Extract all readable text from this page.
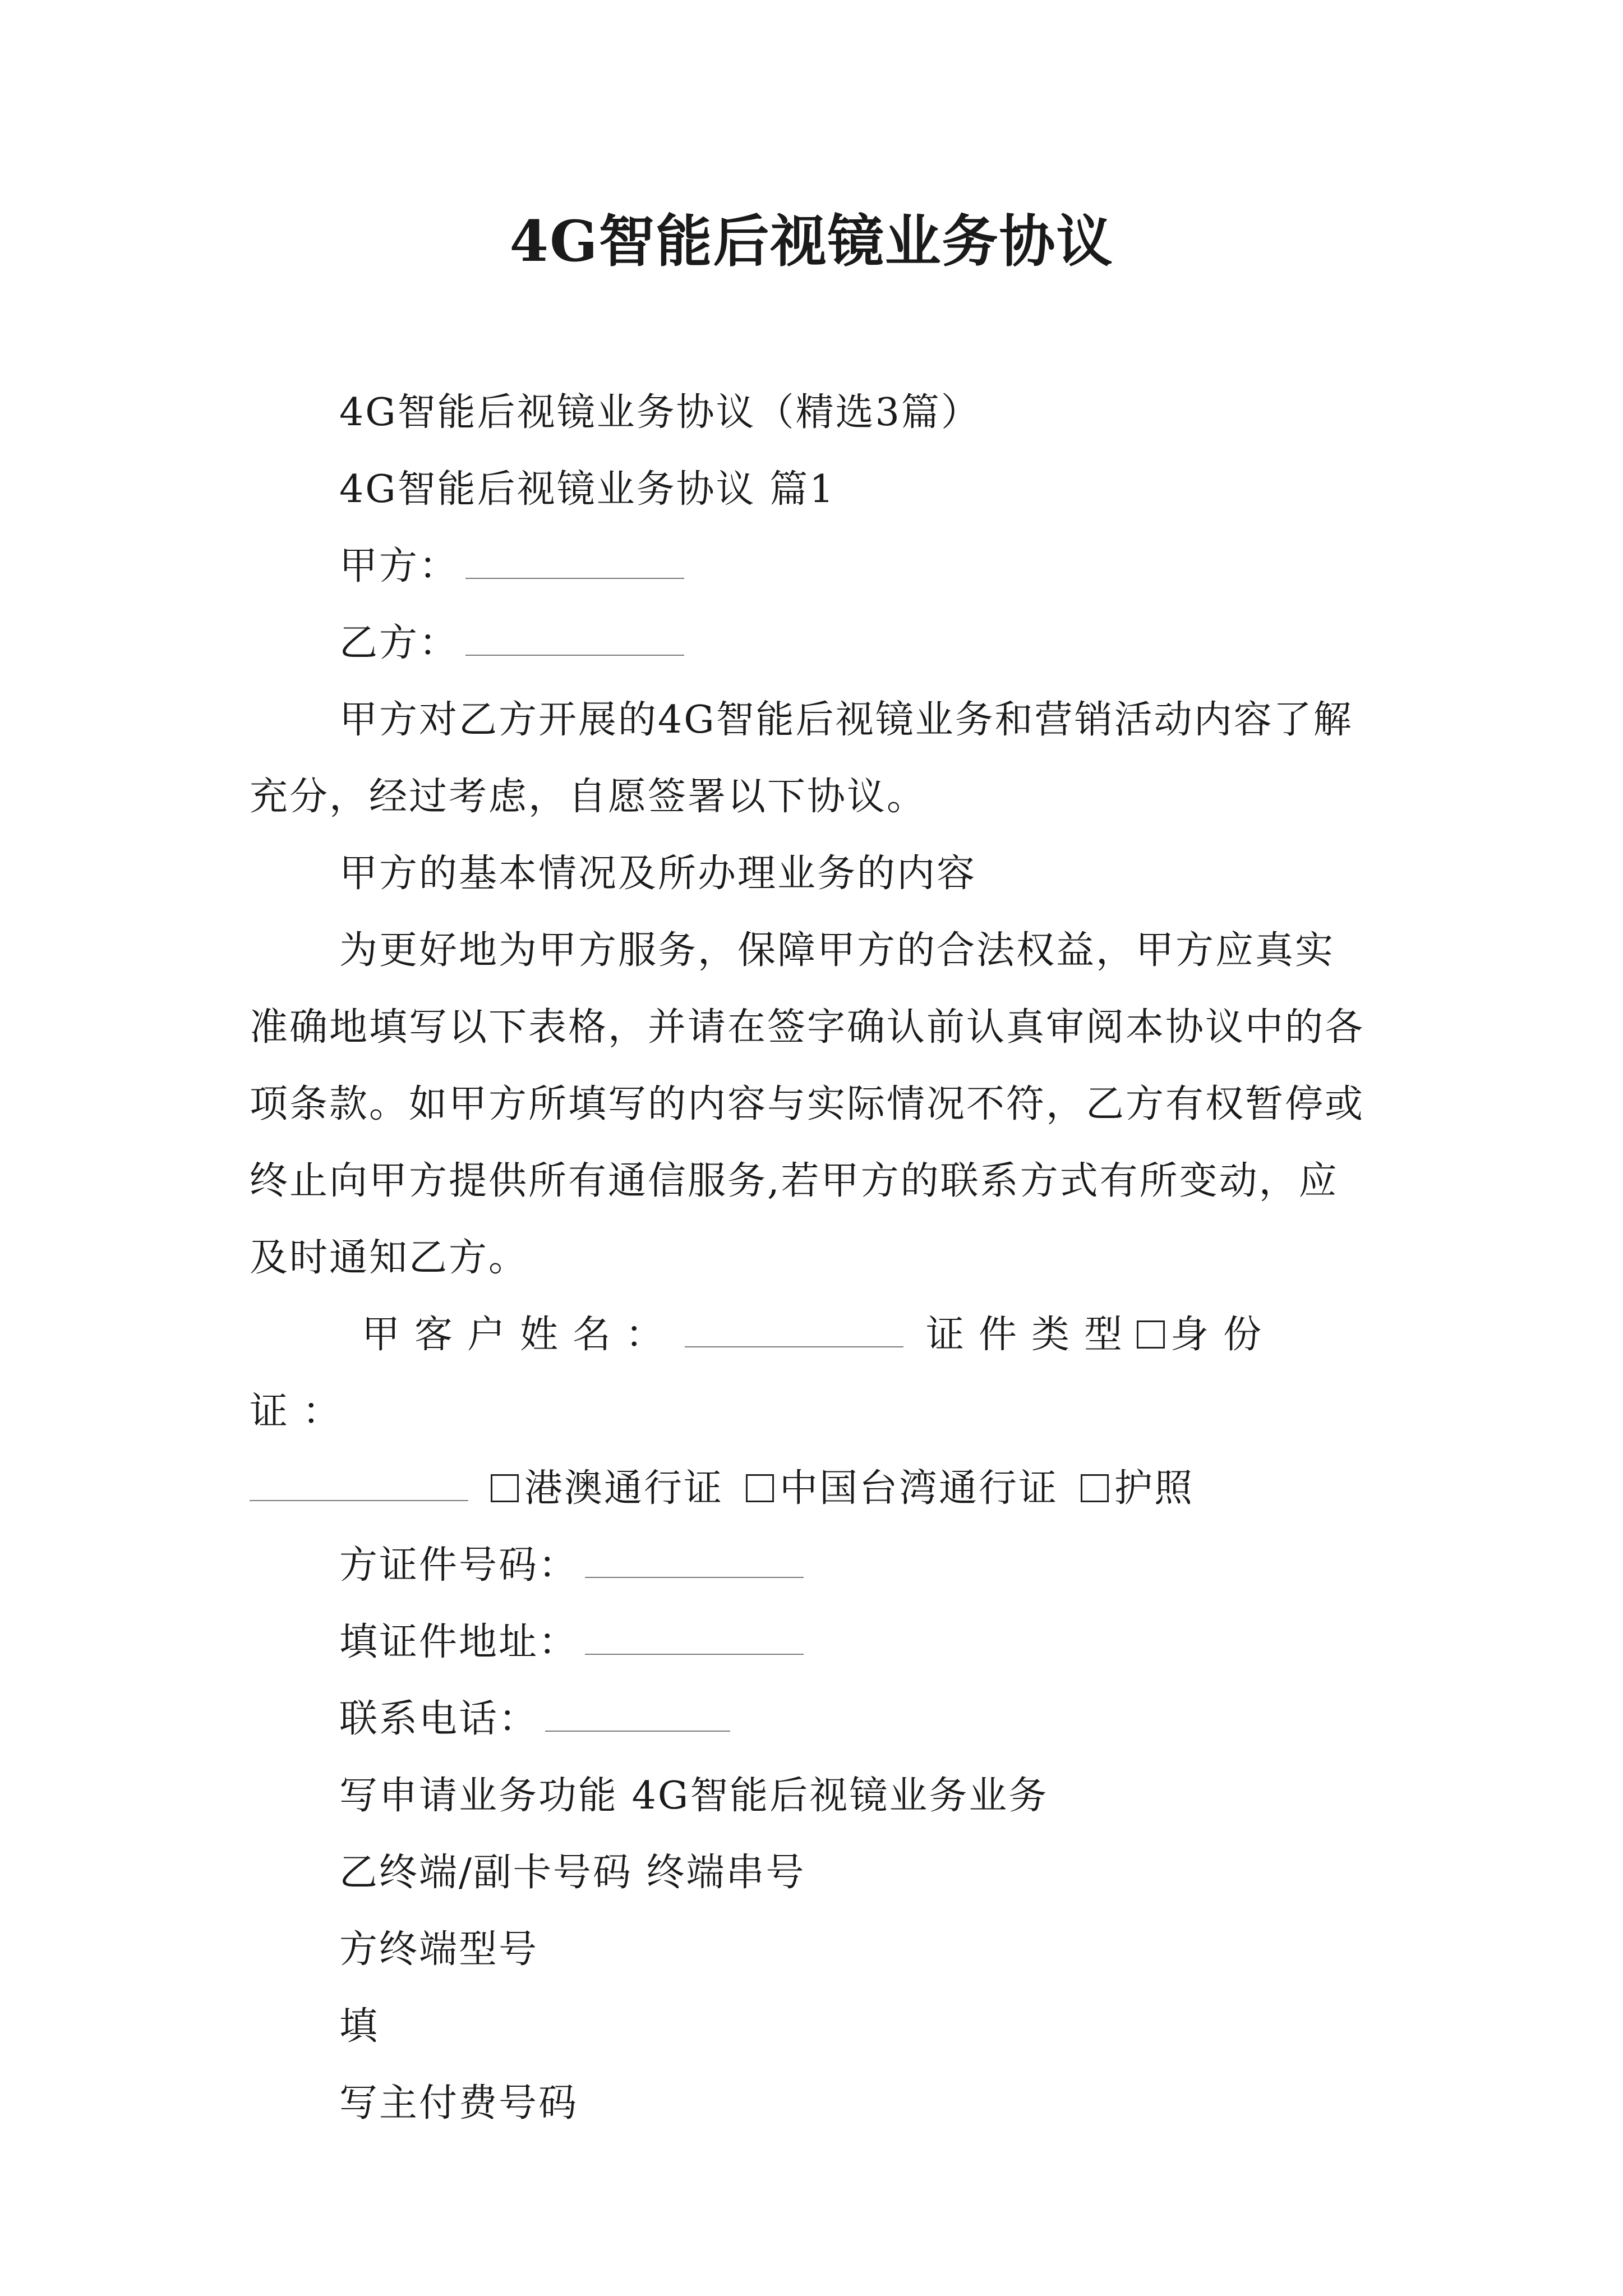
4G智能后视镜业务协议

4G智能后视镜业务协议（精选3篇）

4G智能后视镜业务协议 篇1

甲方：

乙方：

甲方对乙方开展的4G智能后视镜业务和营销活动内容了解充分，经过考虑，自愿签署以下协议。

甲方的基本情况及所办理业务的内容

为更好地为甲方服务，保障甲方的合法权益，甲方应真实准确地填写以下表格，并请在签字确认前认真审阅本协议中的各项条款。如甲方所填写的内容与实际情况不符，乙方有权暂停或终止向甲方提供所有通信服务,若甲方的联系方式有所变动，应及时通知乙方。

甲客户姓名：	证件类型 身份证：
港澳通行证 中国台湾通行证 护照

方证件号码：

填证件地址：

联系电话：

写申请业务功能 4G智能后视镜业务业务

乙终端/副卡号码 终端串号

方终端型号

填

写主付费号码
